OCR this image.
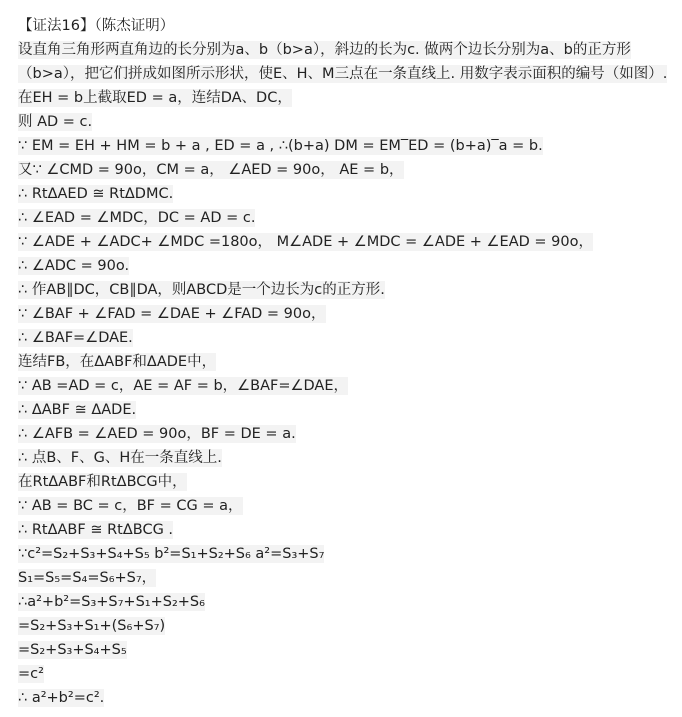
【证法16】（陈杰证明）
设直角三角形两直角边的长分别为a、b（b>a），斜边的长为c. 做两个边长分别为a、b的正方形（b>a），把它们拼成如图所示形状，使E、H、M三点在一条直线上. 用数字表示面积的编号（如图）. 在EH = b上截取ED = a，连结DA、DC，
则 AD = c.
∵ EM = EH + HM = b + a , ED = a , ∴(b+a) DM = EM‾ED = (b+a)‾a = b.
又∵ ∠CMD = 90o，CM = a， ∠AED = 90o， AE = b，
∴ RtΔAED ≅ RtΔDMC.
∴ ∠EAD = ∠MDC，DC = AD = c.
∵ ∠ADE + ∠ADC+ ∠MDC =180o， M∠ADE + ∠MDC = ∠ADE + ∠EAD = 90o，
∴ ∠ADC = 90o.
∴ 作AB∥DC，CB∥DA，则ABCD是一个边长为c的正方形.
∵ ∠BAF + ∠FAD = ∠DAE + ∠FAD = 90o，
∴ ∠BAF=∠DAE.
连结FB，在ΔABF和ΔADE中，
∵ AB =AD = c，AE = AF = b，∠BAF=∠DAE，
∴ ΔABF ≅ ΔADE.
∴ ∠AFB = ∠AED = 90o，BF = DE = a.
∴ 点B、F、G、H在一条直线上.
在RtΔABF和RtΔBCG中，
∵ AB = BC = c，BF = CG = a，
∴ RtΔABF ≅ RtΔBCG .
∵c²=S₂+S₃+S₄+S₅ b²=S₁+S₂+S₆ a²=S₃+S₇
S₁=S₅=S₄=S₆+S₇，
∴a²+b²=S₃+S₇+S₁+S₂+S₆
=S₂+S₃+S₁+(S₆+S₇)
=S₂+S₃+S₄+S₅
=c²
∴ a²+b²=c².
